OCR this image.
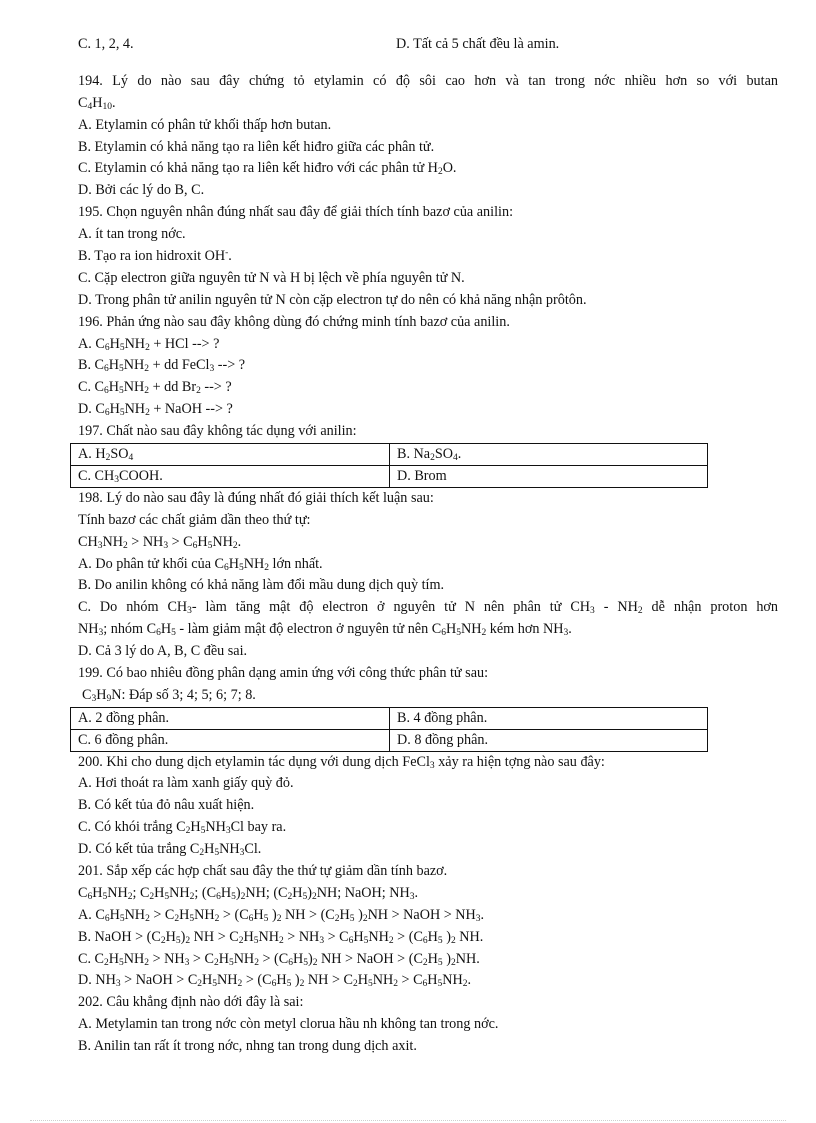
C. 1, 2, 4.	D. Tất cả 5 chất đều là amin.
194. Lý do nào sau đây chứng tỏ etylamin có độ sôi cao hơn và tan trong nớc nhiều hơn so với butan
$C_4H_{10}$.
A. Etylamin có phân tử khối thấp hơn butan.
B. Etylamin có khả năng tạo ra liên kết hiđro giữa các phân tử.
C. Etylamin có khả năng tạo ra liên kết hiđro với các phân tử $H_2O$.
D. Bởi các lý do B, C.
195. Chọn nguyên nhân đúng nhất sau đây để giải thích tính bazơ của anilin:
A. ít tan trong nớc.
B. Tạo ra ion hidroxit OH-.
C. Cặp electron giữa nguyên tử N và H bị lệch về phía nguyên tử N.
D. Trong phân tử anilin nguyên tử N còn cặp electron tự do nên có khả năng nhận prôtôn.
196. Phản ứng nào sau đây không dùng đó chứng minh tính bazơ của anilin.
A. $C_6H_5NH_2$ + HCl --> ?
B. $C_6H_5NH_2$ + dd FeCl$_3$ --> ?
C. $C_6H_5NH_2$ + dd $Br_2$ --> ?
D. $C_6H_5NH_2$ + NaOH --> ?
197. Chất nào sau đây không tác dụng với anilin:
A. $H_2SO_4$	B. $Na_2SO_4$.
C. $CH_3COOH$.	D. Brom
198. Lý do nào sau đây là đúng nhất đó giải thích kết luận sau:
Tính bazơ các chất giảm dần theo thứ tự:
$CH_3NH_2 > NH_3 > C_6H_5NH_2$.
A. Do phân tử khối của $C_6H_5NH_2$ lớn nhất.
B. Do anilin không có khả năng làm đổi mầu dung dịch quỳ tím.
C. Do nhóm $CH_3-$ làm tăng mật độ electron ở nguyên tử N nên phân tử $CH_3 - NH_2$ dễ nhận proton hơn
$NH_3$; nhóm $C_6H_5$ - làm giảm mật độ electron ở nguyên tử nên $C_6H_5NH_2$ kém hơn $NH_3$.
D. Cả 3 lý do A, B, C đều sai.
199. Có bao nhiêu đồng phân dạng amin ứng với công thức phân tử sau:
$C_3H_9N$: Đáp số 3; 4; 5; 6; 7; 8.
A. 2 đồng phân.	B. 4 đồng phân.
C. 6 đồng phân.	D. 8 đồng phân.
200. Khi cho dung dịch etylamin tác dụng với dung dịch FeCl$_3$ xảy ra hiện tợng nào sau đây:
A. Hơi thoát ra làm xanh giấy quỳ đỏ.
B. Có kết tủa đỏ nâu xuất hiện.
C. Có khói trắng $C_2H_5NH_3Cl$ bay ra.
D. Có kết tủa trắng $C_2H_5NH_3Cl$.
201. Sắp xếp các hợp chất sau đây the thứ tự giảm dần tính bazơ.
$C_6H_5NH_2$; $C_2H_5NH_2$; $(C_6H_5)_2NH$; $(C_2H_5)_2NH$; NaOH; $NH_3$.
A. $C_6H_5NH_2 > C_2H_5NH_2 > (C_6H_5$ )$_2$ NH > ($C_2H_5$ )$_2NH$ > NaOH > $NH_3$.
B. NaOH > $(C_2H_5)_2$ NH > $C_2H_5NH_2 > NH_3 > C_6H_5NH_2 > (C_6H_5$ )$_2$ NH.
C. $C_2H_5NH_2 > NH_3 > C_2H_5NH_2 > (C_6H_5)_2$ NH > NaOH > ($C_2H_5$ )$_2NH$.
D. $NH_3$ > NaOH > $C_2H_5NH_2 > (C_6H_5$ )$_2$ NH > $C_2H_5NH_2 > C_6H_5NH_2$.
202. Câu khẳng định nào dới đây là sai:
A. Metylamin tan trong nớc còn metyl clorua hầu nh không tan trong nớc.
B. Anilin tan rất ít trong nớc, nhng tan trong dung dịch axit.
